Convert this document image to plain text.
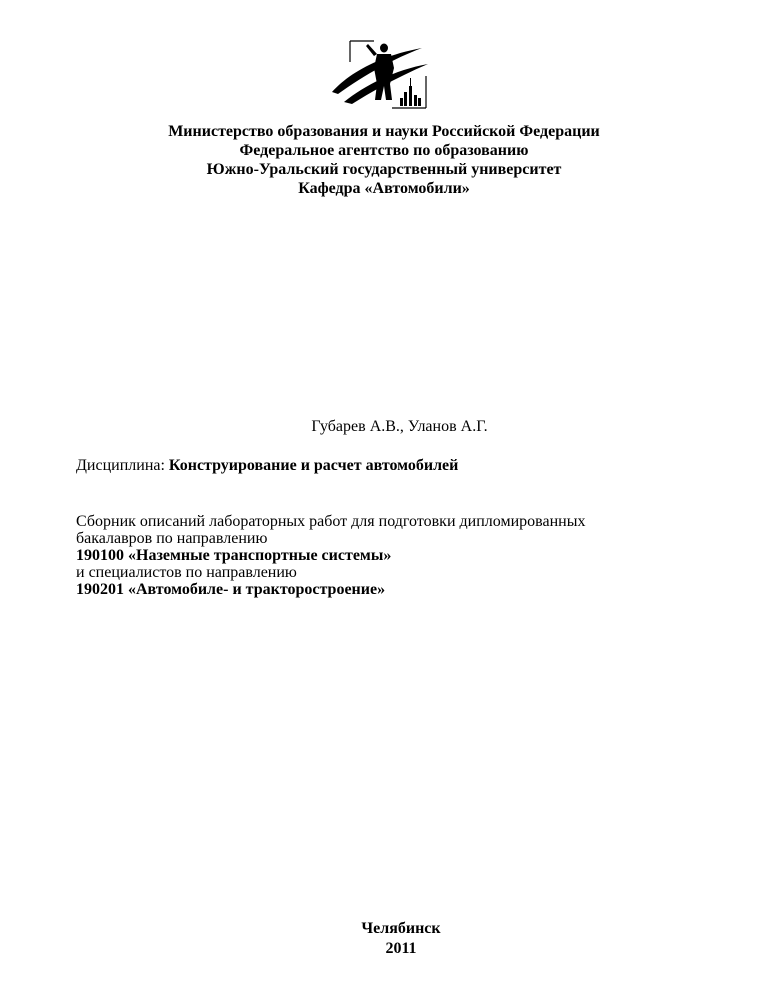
Министерство образования и науки Российской Федерации
Федеральное агентство по образованию
Южно-Уральский государственный университет
Кафедра «Автомобили»
Губарев А.В., Уланов А.Г.
Дисциплина: Конструирование и расчет автомобилей
Сборник описаний лабораторных работ для подготовки дипломированных
бакалавров по направлению
190100 «Наземные транспортные системы»
и специалистов по направлению
190201 «Автомобиле- и тракторостроение»
Челябинск
2011
